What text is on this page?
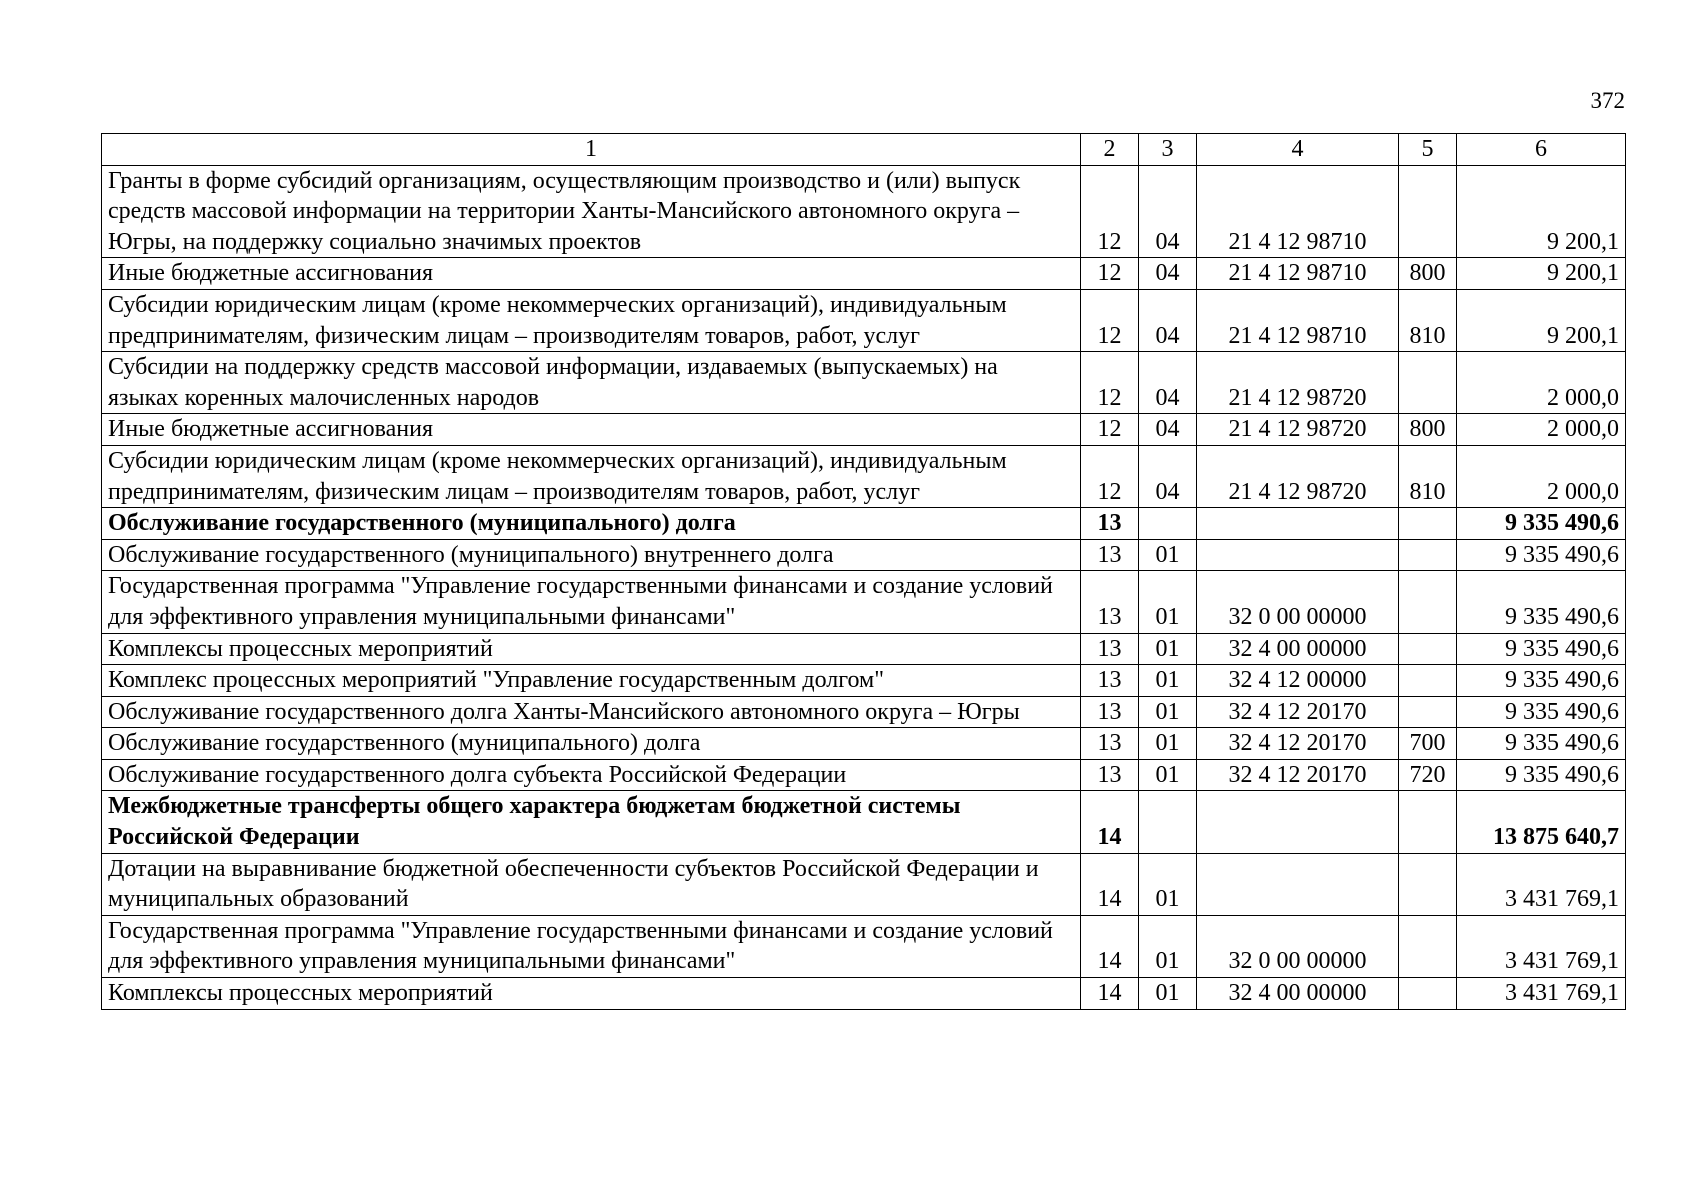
372
1	2	3	4	5	6
Гранты в форме субсидий организациям, осуществляющим производство и (или) выпуск средств массовой информации на территории Ханты-Мансийского автономного округа – Югры, на поддержку социально значимых проектов	12	04	21 4 12 98710		9 200,1
Иные бюджетные ассигнования	12	04	21 4 12 98710	800	9 200,1
Субсидии юридическим лицам (кроме некоммерческих организаций), индивидуальным предпринимателям, физическим лицам – производителям товаров, работ, услуг	12	04	21 4 12 98710	810	9 200,1
Субсидии на поддержку средств массовой информации, издаваемых (выпускаемых) на языках коренных малочисленных народов	12	04	21 4 12 98720		2 000,0
Иные бюджетные ассигнования	12	04	21 4 12 98720	800	2 000,0
Субсидии юридическим лицам (кроме некоммерческих организаций), индивидуальным предпринимателям, физическим лицам – производителям товаров, работ, услуг	12	04	21 4 12 98720	810	2 000,0
Обслуживание государственного (муниципального) долга	13				9 335 490,6
Обслуживание государственного (муниципального) внутреннего долга	13	01			9 335 490,6
Государственная программа "Управление государственными финансами и создание условий для эффективного управления муниципальными финансами"	13	01	32 0 00 00000		9 335 490,6
Комплексы процессных мероприятий	13	01	32 4 00 00000		9 335 490,6
Комплекс процессных мероприятий "Управление государственным долгом"	13	01	32 4 12 00000		9 335 490,6
Обслуживание государственного долга Ханты-Мансийского автономного округа – Югры	13	01	32 4 12 20170		9 335 490,6
Обслуживание государственного (муниципального) долга	13	01	32 4 12 20170	700	9 335 490,6
Обслуживание государственного долга субъекта Российской Федерации	13	01	32 4 12 20170	720	9 335 490,6
Межбюджетные трансферты общего характера бюджетам бюджетной системы Российской Федерации	14				13 875 640,7
Дотации на выравнивание бюджетной обеспеченности субъектов Российской Федерации и муниципальных образований	14	01			3 431 769,1
Государственная программа "Управление государственными финансами и создание условий для эффективного управления муниципальными финансами"	14	01	32 0 00 00000		3 431 769,1
Комплексы процессных мероприятий	14	01	32 4 00 00000		3 431 769,1
